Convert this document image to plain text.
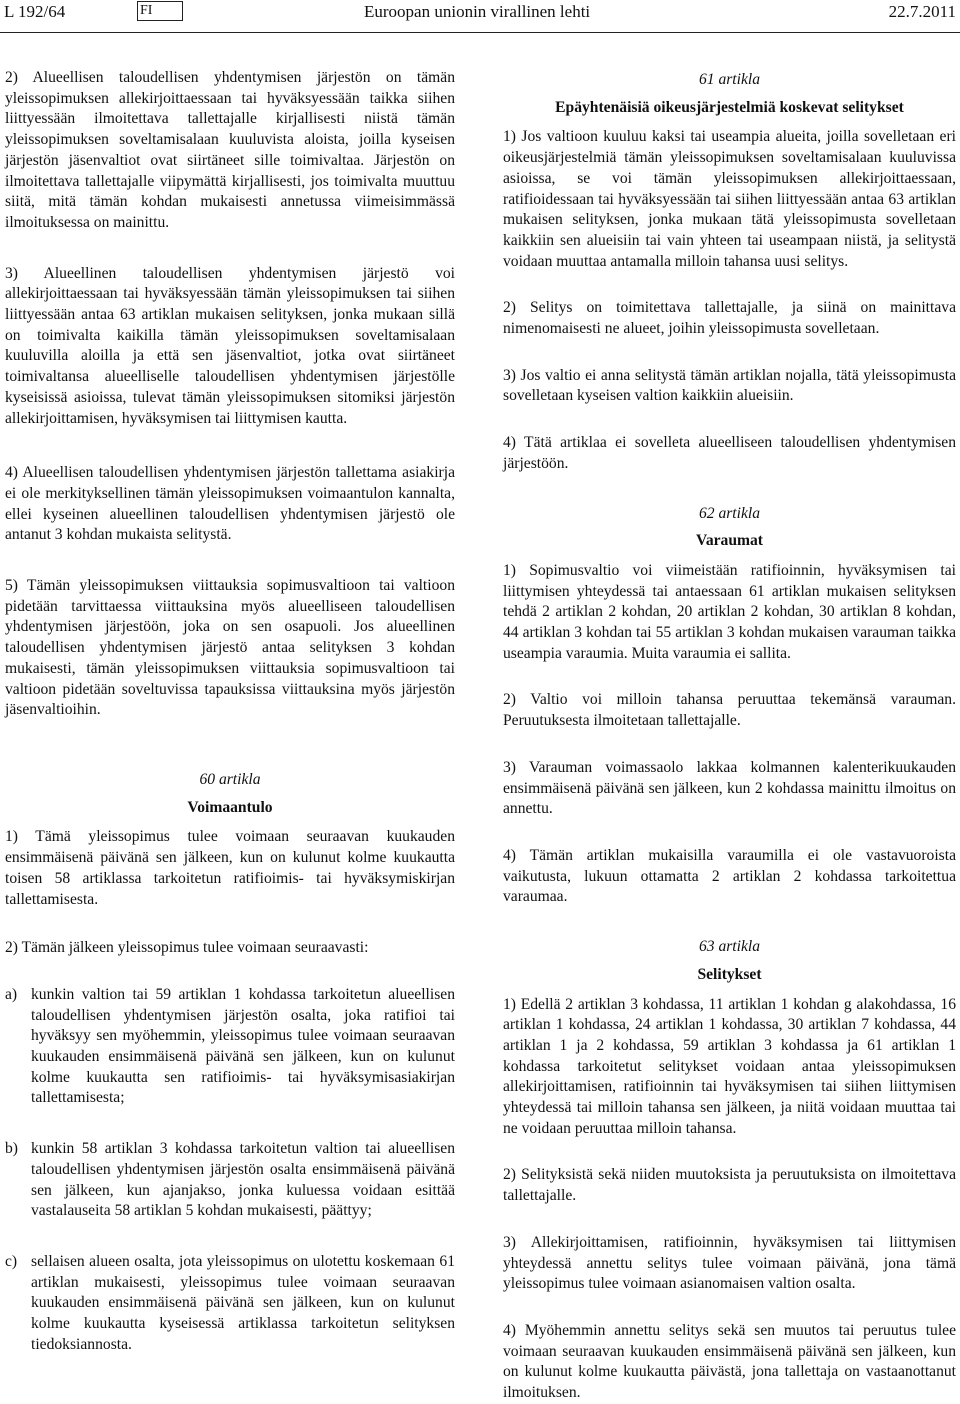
L 192/64	FI	Euroopan unionin virallinen lehti	22.7.2011

2) Alueellisen taloudellisen yhdentymisen järjestön on tämän yleissopimuksen allekirjoittaessaan tai hyväksyessään taikka siihen liittyessään ilmoitettava tallettajalle kirjallisesti niistä tämän yleissopimuksen soveltamisalaan kuuluvista aloista, joilla kyseisen järjestön jäsenvaltiot ovat siirtäneet sille toimivaltaa. Järjestön on ilmoitettava tallettajalle viipymättä kirjallisesti, jos toimivalta muuttuu siitä, mitä tämän kohdan mukaisesti annetussa viimeisimmässä ilmoituksessa on mainittu.

3) Alueellinen taloudellisen yhdentymisen järjestö voi allekirjoittaessaan tai hyväksyessään tämän yleissopimuksen tai siihen liittyessään antaa 63 artiklan mukaisen selityksen, jonka mukaan sillä on toimivalta kaikilla tämän yleissopimuksen soveltamisalaan kuuluvilla aloilla ja että sen jäsenvaltiot, jotka ovat siirtäneet toimivaltansa alueelliselle taloudellisen yhdentymisen järjestölle kyseisissä asioissa, tulevat tämän yleissopimuksen sitomiksi järjestön allekirjoittamisen, hyväksymisen tai liittymisen kautta.

4) Alueellisen taloudellisen yhdentymisen järjestön tallettama asiakirja ei ole merkityksellinen tämän yleissopimuksen voimaantulon kannalta, ellei kyseinen alueellinen taloudellisen yhdentymisen järjestö ole antanut 3 kohdan mukaista selitystä.

5) Tämän yleissopimuksen viittauksia sopimusvaltioon tai valtioon pidetään tarvittaessa viittauksina myös alueelliseen taloudellisen yhdentymisen järjestöön, joka on sen osapuoli. Jos alueellinen taloudellisen yhdentymisen järjestö antaa selityksen 3 kohdan mukaisesti, tämän yleissopimuksen viittauksia sopimusvaltioon tai valtioon pidetään soveltuvissa tapauksissa viittauksina myös järjestön jäsenvaltioihin.

60 artikla

Voimaantulo

1) Tämä yleissopimus tulee voimaan seuraavan kuukauden ensimmäisenä päivänä sen jälkeen, kun on kulunut kolme kuukautta toisen 58 artiklassa tarkoitetun ratifioimis- tai hyväksymiskirjan tallettamisesta.

2) Tämän jälkeen yleissopimus tulee voimaan seuraavasti:

a) kunkin valtion tai 59 artiklan 1 kohdassa tarkoitetun alueellisen taloudellisen yhdentymisen järjestön osalta, joka ratifioi tai hyväksyy sen myöhemmin, yleissopimus tulee voimaan seuraavan kuukauden ensimmäisenä päivänä sen jälkeen, kun on kulunut kolme kuukautta sen ratifioimis- tai hyväksymisasiakirjan tallettamisesta;
b) kunkin 58 artiklan 3 kohdassa tarkoitetun valtion tai alueellisen taloudellisen yhdentymisen järjestön osalta ensimmäisenä päivänä sen jälkeen, kun ajanjakso, jonka kuluessa voidaan esittää vastalauseita 58 artiklan 5 kohdan mukaisesti, päättyy;
c) sellaisen alueen osalta, jota yleissopimus on ulotettu koskemaan 61 artiklan mukaisesti, yleissopimus tulee voimaan seuraavan kuukauden ensimmäisenä päivänä sen jälkeen, kun on kulunut kolme kuukautta kyseisessä artiklassa tarkoitetun selityksen tiedoksiannosta.

61 artikla

Epäyhtenäisiä oikeusjärjestelmiä koskevat selitykset

1) Jos valtioon kuuluu kaksi tai useampia alueita, joilla sovelletaan eri oikeusjärjestelmiä tämän yleissopimuksen soveltamisalaan kuuluvissa asioissa, se voi tämän yleissopimuksen allekirjoittaessaan, ratifioidessaan tai hyväksyessään tai siihen liittyessään antaa 63 artiklan mukaisen selityksen, jonka mukaan tätä yleissopimusta sovelletaan kaikkiin sen alueisiin tai vain yhteen tai useampaan niistä, ja selitystä voidaan muuttaa antamalla milloin tahansa uusi selitys.

2) Selitys on toimitettava tallettajalle, ja siinä on mainittava nimenomaisesti ne alueet, joihin yleissopimusta sovelletaan.

3) Jos valtio ei anna selitystä tämän artiklan nojalla, tätä yleissopimusta sovelletaan kyseisen valtion kaikkiin alueisiin.

4) Tätä artiklaa ei sovelleta alueelliseen taloudellisen yhdentymisen järjestöön.

62 artikla

Varaumat

1) Sopimusvaltio voi viimeistään ratifioinnin, hyväksymisen tai liittymisen yhteydessä tai antaessaan 61 artiklan mukaisen selityksen tehdä 2 artiklan 2 kohdan, 20 artiklan 2 kohdan, 30 artiklan 8 kohdan, 44 artiklan 3 kohdan tai 55 artiklan 3 kohdan mukaisen varauman taikka useampia varaumia. Muita varaumia ei sallita.

2) Valtio voi milloin tahansa peruuttaa tekemänsä varauman. Peruutuksesta ilmoitetaan tallettajalle.

3) Varauman voimassaolo lakkaa kolmannen kalenterikuukauden ensimmäisenä päivänä sen jälkeen, kun 2 kohdassa mainittu ilmoitus on annettu.

4) Tämän artiklan mukaisilla varaumilla ei ole vastavuoroista vaikutusta, lukuun ottamatta 2 artiklan 2 kohdassa tarkoitettua varaumaa.

63 artikla

Selitykset

1) Edellä 2 artiklan 3 kohdassa, 11 artiklan 1 kohdan g alakohdassa, 16 artiklan 1 kohdassa, 24 artiklan 1 kohdassa, 30 artiklan 7 kohdassa, 44 artiklan 1 ja 2 kohdassa, 59 artiklan 3 kohdassa ja 61 artiklan 1 kohdassa tarkoitetut selitykset voidaan antaa yleissopimuksen allekirjoittamisen, ratifioinnin tai hyväksymisen tai siihen liittymisen yhteydessä tai milloin tahansa sen jälkeen, ja niitä voidaan muuttaa tai ne voidaan peruuttaa milloin tahansa.

2) Selityksistä sekä niiden muutoksista ja peruutuksista on ilmoitettava tallettajalle.

3) Allekirjoittamisen, ratifioinnin, hyväksymisen tai liittymisen yhteydessä annettu selitys tulee voimaan päivänä, jona tämä yleissopimus tulee voimaan asianomaisen valtion osalta.

4) Myöhemmin annettu selitys sekä sen muutos tai peruutus tulee voimaan seuraavan kuukauden ensimmäisenä päivänä sen jälkeen, kun on kulunut kolme kuukautta päivästä, jona tallettaja on vastaanottanut ilmoituksen.
